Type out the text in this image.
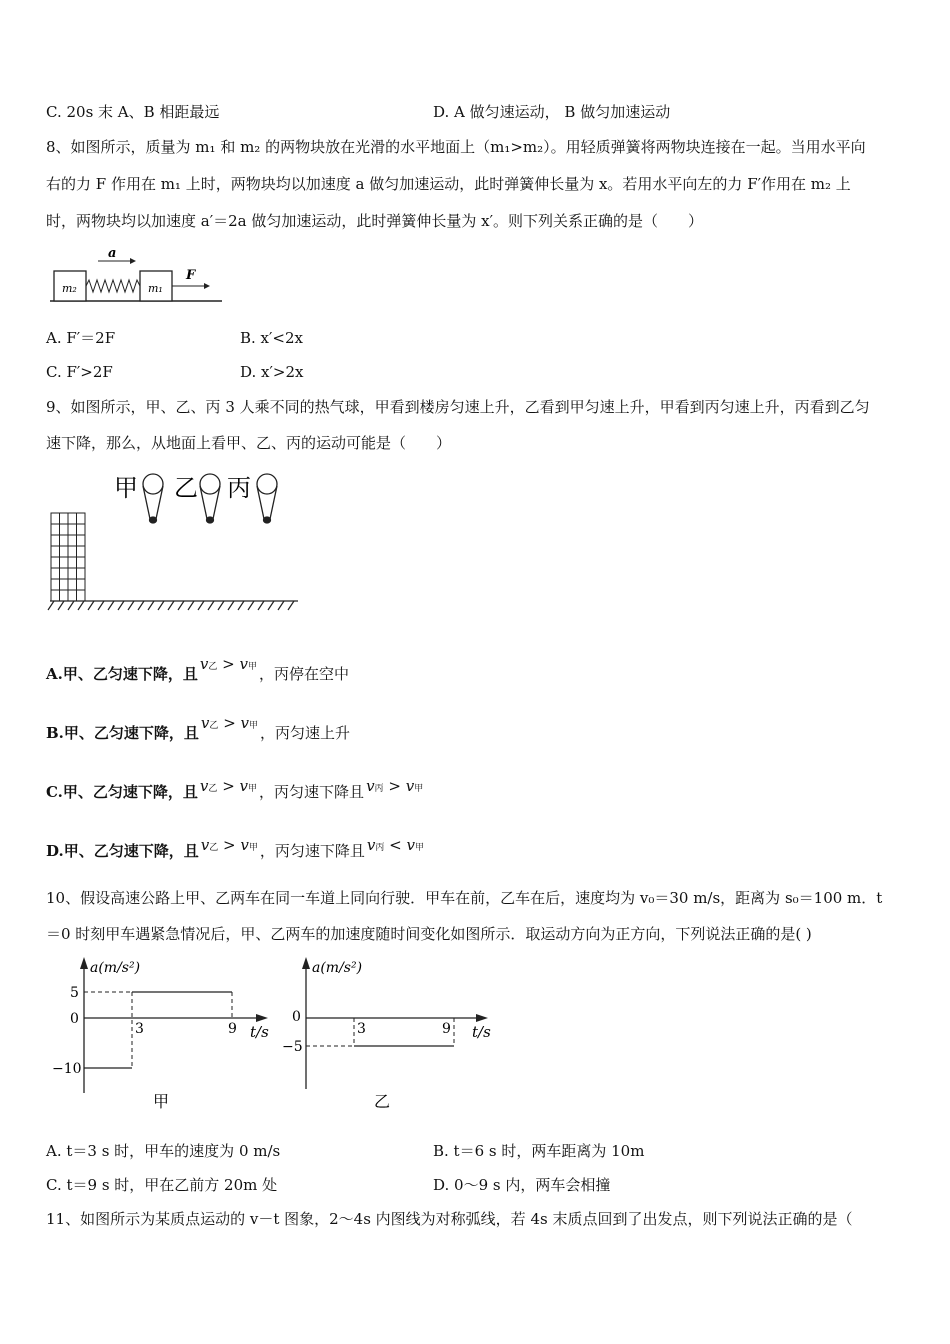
C. 20s 末 A、B 相距最远	D. A 做匀速运动， B 做匀加速运动
8、如图所示，质量为 m₁ 和 m₂ 的两物块放在光滑的水平地面上（m₁>m₂）。用轻质弹簧将两物块连接在一起。当用水平向
右的力 F 作用在 m₁ 上时，两物块均以加速度 a 做匀加速运动，此时弹簧伸长量为 x。若用水平向左的力 F′作用在 m₂ 上
时，两物块均以加速度 a′＝2a 做匀加速运动，此时弹簧伸长量为 x′。则下列关系正确的是（　　）
a
F
m₂	m₁
A. F′＝2F	B. x′<2x
C. F′>2F	D. x′>2x
9、如图所示，甲、乙、丙 3 人乘不同的热气球，甲看到楼房匀速上升，乙看到甲匀速上升，甲看到丙匀速上升，丙看到乙匀
速下降，那么，从地面上看甲、乙、丙的运动可能是（　　）
甲 乙 丙
A.甲、乙匀速下降，且v乙 > v甲 ，丙停在空中
B.甲、乙匀速下降，且v乙 > v甲 ，丙匀速上升
C.甲、乙匀速下降，且 v乙 > v甲 ，丙匀速下降且 v丙 > v甲
D.甲、乙匀速下降，且 v乙 > v甲 ，丙匀速下降且 v丙 < v甲
10、假设高速公路上甲、乙两车在同一车道上同向行驶．甲车在前，乙车在后，速度均为 v₀＝30 m/s，距离为 s₀＝100 m．t
＝0 时刻甲车遇紧急情况后，甲、乙两车的加速度随时间变化如图所示．取运动方向为正方向，下列说法正确的是( )
a(m/s²)
5
0
−10
3	9 t/s
甲
a(m/s²)
0
−5
3	9 t/s
乙
A. t＝3 s 时，甲车的速度为 0 m/s	B. t＝6 s 时，两车距离为 10m
C. t＝9 s 时，甲在乙前方 20m 处	D. 0～9 s 内，两车会相撞
11、如图所示为某质点运动的 v－t 图象，2～4s 内图线为对称弧线，若 4s 末质点回到了出发点，则下列说法正确的是（
